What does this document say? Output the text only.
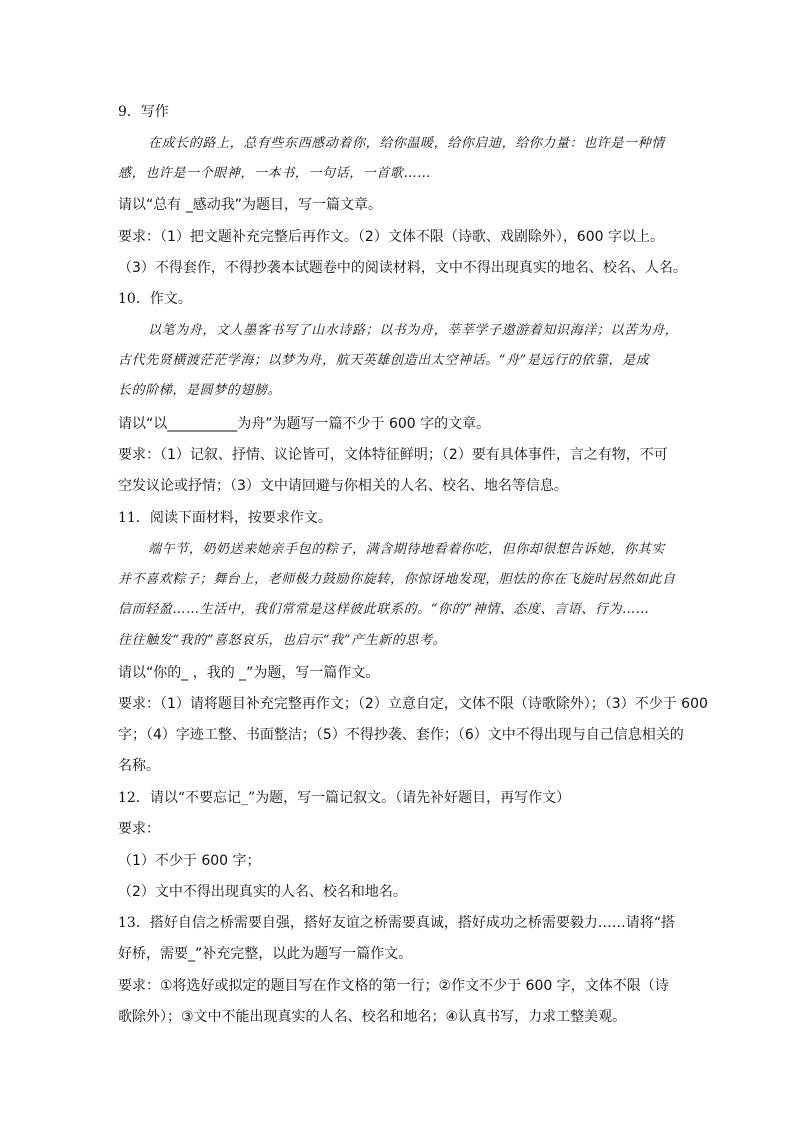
9．写作
在成长的路上，总有些东西感动着你，给你温暖，给你启迪，给你力量：也许是一种情
感，也许是一个眼神，一本书，一句话，一首歌……
请以“总有 _感动我”为题目，写一篇文章。
要求：（1）把文题补充完整后再作文。（2）文体不限（诗歌、戏剧除外），600 字以上。
（3）不得套作，不得抄袭本试题卷中的阅读材料，文中不得出现真实的地名、校名、人名。
10．作文。
以笔为舟，文人墨客书写了山水诗路；以书为舟，莘莘学子遨游着知识海洋；以苦为舟，
古代先贤横渡茫茫学海；以梦为舟，航天英雄创造出太空神话。“舟”是远行的依靠，是成
长的阶梯，是圆梦的翅膀。
请以“以__________为舟”为题写一篇不少于 600 字的文章。
要求：（1）记叙、抒情、议论皆可，文体特征鲜明；（2）要有具体事件，言之有物，不可
空发议论或抒情；（3）文中请回避与你相关的人名、校名、地名等信息。
11．阅读下面材料，按要求作文。
端午节，奶奶送来她亲手包的粽子，满含期待地看着你吃，但你却很想告诉她，你其实
并不喜欢粽子；舞台上，老师极力鼓励你旋转，你惊讶地发现，胆怯的你在飞旋时居然如此自
信而轻盈……生活中，我们常常是这样彼此联系的。“你的”神情、态度、言语、行为……
往往触发“我的”喜怒哀乐，也启示“我”产生新的思考。
请以“你的_ ，我的 _”为题，写一篇作文。
要求：（1）请将题目补充完整再作文；（2）立意自定，文体不限（诗歌除外）；（3）不少于 600
字；（4）字迹工整、书面整洁；（5）不得抄袭、套作；（6）文中不得出现与自己信息相关的
名称。
12．请以“不要忘记_”为题，写一篇记叙文。（请先补好题目，再写作文）
要求：
（1）不少于 600 字；
（2）文中不得出现真实的人名、校名和地名。
13．搭好自信之桥需要自强，搭好友谊之桥需要真诚，搭好成功之桥需要毅力……请将“搭
好桥，需要_”补充完整，以此为题写一篇作文。
要求：①将选好或拟定的题目写在作文格的第一行；②作文不少于 600 字，文体不限（诗
歌除外）；③文中不能出现真实的人名、校名和地名；④认真书写，力求工整美观。
